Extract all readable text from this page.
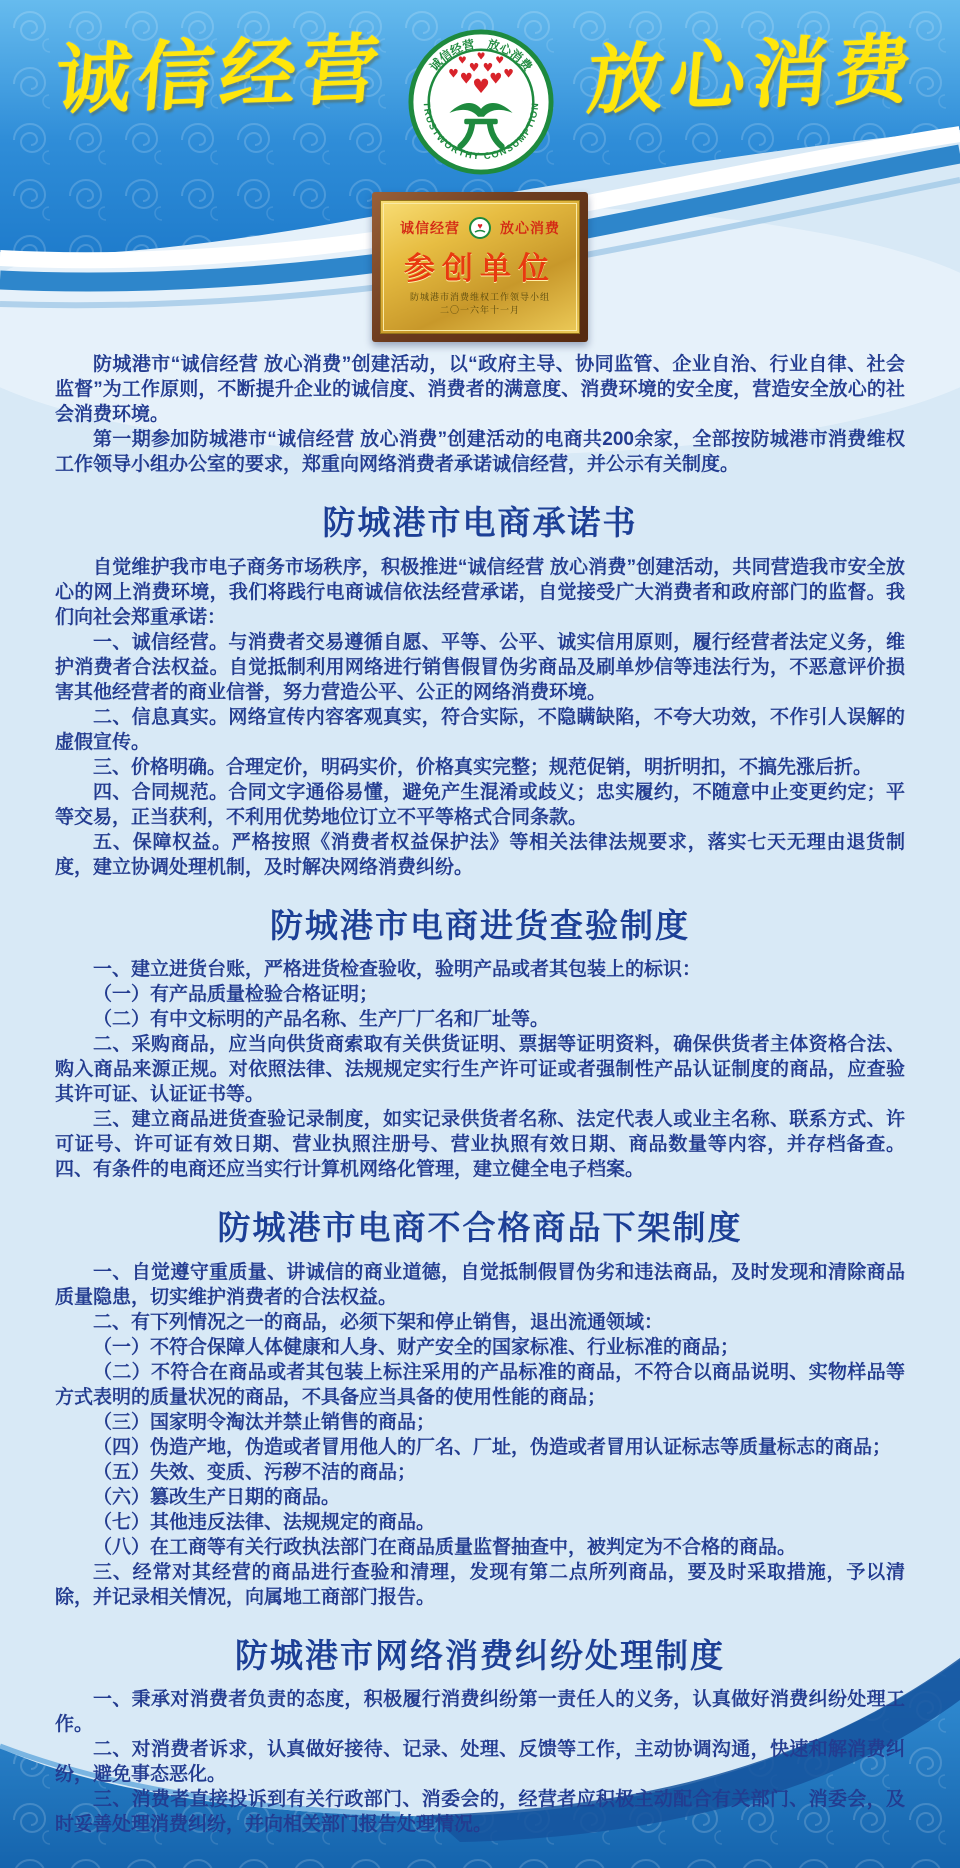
诚信经营	放心消费
诚信经营　放心消费
TRUSTWORTHY CONSUMPTION
♥
♥ ♥
♥	♥
♥ ♥
♥	♥
♥
诚信经营 ♥ 放心消费
参创单位
防城港市消费维权工作领导小组
二〇一六年十一月

防城港市“诚信经营 放心消费”创建活动，以“政府主导、协同监管、企业自治、行业自律、社会监督”为工作原则，不断提升企业的诚信度、消费者的满意度、消费环境的安全度，营造安全放心的社会消费环境。

第一期参加防城港市“诚信经营 放心消费”创建活动的电商共200余家，全部按防城港市消费维权工作领导小组办公室的要求，郑重向网络消费者承诺诚信经营，并公示有关制度。

防城港市电商承诺书

自觉维护我市电子商务市场秩序，积极推进“诚信经营 放心消费”创建活动，共同营造我市安全放心的网上消费环境，我们将践行电商诚信依法经营承诺，自觉接受广大消费者和政府部门的监督。我们向社会郑重承诺：

一、诚信经营。与消费者交易遵循自愿、平等、公平、诚实信用原则，履行经营者法定义务，维护消费者合法权益。自觉抵制利用网络进行销售假冒伪劣商品及刷单炒信等违法行为，不恶意评价损害其他经营者的商业信誉，努力营造公平、公正的网络消费环境。

二、信息真实。网络宣传内容客观真实，符合实际，不隐瞒缺陷，不夸大功效，不作引人误解的虚假宣传。

三、价格明确。合理定价，明码实价，价格真实完整；规范促销，明折明扣，不搞先涨后折。

四、合同规范。合同文字通俗易懂，避免产生混淆或歧义；忠实履约，不随意中止变更约定；平等交易，正当获利，不利用优势地位订立不平等格式合同条款。

五、保障权益。严格按照《消费者权益保护法》等相关法律法规要求，落实七天无理由退货制度，建立协调处理机制，及时解决网络消费纠纷。

防城港市电商进货查验制度

一、建立进货台账，严格进货检查验收，验明产品或者其包装上的标识：

（一）有产品质量检验合格证明；

（二）有中文标明的产品名称、生产厂厂名和厂址等。

二、采购商品，应当向供货商索取有关供货证明、票据等证明资料，确保供货者主体资格合法、购入商品来源正规。对依照法律、法规规定实行生产许可证或者强制性产品认证制度的商品，应查验其许可证、认证证书等。

三、建立商品进货查验记录制度，如实记录供货者名称、法定代表人或业主名称、联系方式、许可证号、许可证有效日期、营业执照注册号、营业执照有效日期、商品数量等内容，并存档备查。四、有条件的电商还应当实行计算机网络化管理，建立健全电子档案。

防城港市电商不合格商品下架制度

一、自觉遵守重质量、讲诚信的商业道德，自觉抵制假冒伪劣和违法商品，及时发现和清除商品质量隐患，切实维护消费者的合法权益。

二、有下列情况之一的商品，必须下架和停止销售，退出流通领域：

（一）不符合保障人体健康和人身、财产安全的国家标准、行业标准的商品；

（二）不符合在商品或者其包装上标注采用的产品标准的商品，不符合以商品说明、实物样品等方式表明的质量状况的商品，不具备应当具备的使用性能的商品；

（三）国家明令淘汰并禁止销售的商品；

（四）伪造产地，伪造或者冒用他人的厂名、厂址，伪造或者冒用认证标志等质量标志的商品；

（五）失效、变质、污秽不洁的商品；

（六）篡改生产日期的商品。

（七）其他违反法律、法规规定的商品。

（八）在工商等有关行政执法部门在商品质量监督抽查中，被判定为不合格的商品。

三、经常对其经营的商品进行查验和清理，发现有第二点所列商品，要及时采取措施，予以清除，并记录相关情况，向属地工商部门报告。

防城港市网络消费纠纷处理制度

一、秉承对消费者负责的态度，积极履行消费纠纷第一责任人的义务，认真做好消费纠纷处理工作。

二、对消费者诉求，认真做好接待、记录、处理、反馈等工作，主动协调沟通，快速和解消费纠纷，避免事态恶化。

三、消费者直接投诉到有关行政部门、消委会的，经营者应积极主动配合有关部门、消委会，及时妥善处理消费纠纷，并向相关部门报告处理情况。
